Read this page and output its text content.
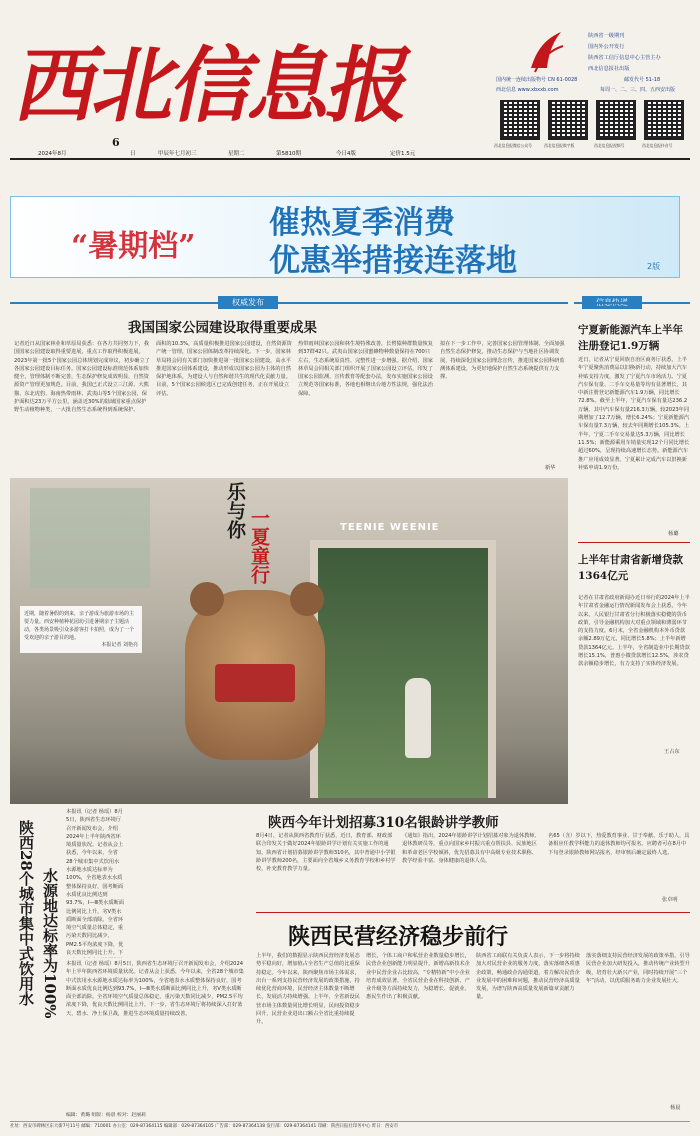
西北信息报
陕西省一级期刊
国内外公开发行
陕西省工信厅信息中心主管主办
西北信息报社出版
国内统一连续出版物号 CN 61-0028	邮发代号 51-18
西北信息 www.xbxxb.com	每周一、二、三、四、五西安出版
西北信息报微信公众号	西北信息报数字版	西北信息报视频号	西北信息报抖音号
6
2024年8月	日	甲辰年七月初三	星期二	第5810期	今日4版	定价1.5元
“暑期档”
催热夏季消费
优惠举措接连落地	2版
权威发布
我国国家公园建设取得重要成果
记者近日从国家林业和草原局获悉：在各方共同努力下，我国国家公园建设取得重要进展，重点工作取得积极进展。2023年第一批5个国家公园总体规划完成审议，初步确立了各国家公园建设目标任务。国家公园建设标准规范体系加快健全，管理体制不断完善，生态保护修复成效明显，自然资源资产管理更加规范。目前，我国已正式设立三江源、大熊猫、东北虎豹、海南热带雨林、武夷山等5个国家公园，保护面积达23万平方公里，涵盖近30%的陆域国家重点保护野生动植物种类，一大批自然生态系统得到系统保护。
面积的10.3%，高质量积极推进国家公园建设，自然资源资产统一管理，国家公园体制改革持续深化。下一步，国家林草局将会同有关部门加快推进第一批国家公园建设，高水平推进国家公园体系建设，推动形成以国家公园为主体的自然保护地体系，为建设人与自然和谐共生的现代化贡献力量。目前，5个国家公园候选区已完成创建任务，正在开展设立评估。
热带雨林国家公园和林生境特殊改善，长臂猿种群数量恢复到37群42只。武夷山国家公园蜜蜂物种数量保持在700只左右，生态系统原真性、完整性进一步增强。据介绍，国家林草局会同相关部门组织开展了国家公园设立评估，印发了国家公园监测、宣传教育等配套办法，发布实施国家公园设立规范等国家标准，各地也相继出台地方性法规，强化法治保障。
拟在下一步工作中，完善国家公园管理体制，全面加强自然生态保护修复，推动生态保护与当地社区协调发展，持续深化国家公园理念宣传，推进国家公园科研监测体系建设，为更好地保护自然生态系统提供有力支撑。
新华
TEENIE WEENIE
乐与你 一夏童行
近期，随着暑假的到来，亲子游成为旅游市场的主要力量。西安种植种花园坊引进暑期亲子主题活动，各类场景吸引众多游客打卡拍照，成为了一个受欢迎的亲子游目的地。
本报记者 刘艳亮
宁夏新能源汽车上半年注册登记1.9万辆
近日，记者从宁夏回族自治区商务厅获悉，上半年宁夏聚焦消费品以旧换新行动，持续加大汽车补贴支持力度，激发了宁夏汽车市场活力。宁夏汽车保有量、二手车交易量等均有显著增长，其中新注册登记新能源汽车1.9万辆，同比增长72.8%。截至上半年，宁夏汽车保有量达236.2万辆，其中汽车保有量216.3万辆，较2023年同期增加了12.7万辆，增长6.24%；宁夏新能源汽车保有量7.3万辆，较去年同期增长105.3%。上半年，宁夏二手车交易量达5.3万辆，同比增长11.5%；新能源乘用车销量实现12个月同比增长超过60%，呈现持续高速增长态势。新能源汽车推广应用成效显著。宁夏累计完成汽车以旧换新补贴申请1.9万份。
杨璐
上半年甘肃省新增贷款1364亿元
记者在甘肃省政府新闻办近日举行的2024年上半年甘肃省金融运行情况新闻发布会上获悉，今年以来，人民银行甘肃省分行积极落实稳健的货币政策，引导金融机构加大对重点领域和薄弱环节的支持力度。6月末，全省金融机构本外币贷款余额2.89万亿元，同比增长5.8%；上半年新增贷款1364亿元。上半年，全省制造业中长期贷款增长15.1%，普惠小微贷款增长12.5%，涉农贷款余额稳步增长，有力支持了实体经济发展。
王占东
本报讯（记者 杨瑶）8月5日，陕西省生态环境厅召开新闻发布会，介绍2024年上半年陕西省环境质量状况。记者从会上获悉，今年以来，全省28个城市集中式饮用水水源地水质达标率为100%，全省地表水水质整体保持良好，国考断面水质优良比例达到93.7%，Ⅰ—Ⅲ类水质断面比例同比上升，劣Ⅴ类水质断面全部消除。全省环境空气质量总体稳定，重污染天数同比减少，PM2.5平均浓度下降，优良天数比例同比上升。下
水源地达标率为100%
陕西28个城市集中式饮用水	本报讯（记者 杨瑶）8月5日，陕西省生态环境厅召开新闻发布会，介绍2024年上半年陕西省环境质量状况。记者从会上获悉，今年以来，全省28个城市集中式饮用水水源地水质达标率为100%，全省地表水水质整体保持良好，国考断面水质优良比例达到93.7%，Ⅰ—Ⅲ类水质断面比例同比上升，劣Ⅴ类水质断面全部消除。全省环境空气质量总体稳定，重污染天数同比减少，PM2.5平均浓度下降，优良天数比例同比上升。下一步，省生态环境厅将持续深入打好蓝天、碧水、净土保卫战，推进生态环境质量持续改善。
编辑：黄璐 组版：杨晨 校对：赵丽莉
陕西今年计划招募310名银龄讲学教师
8月4日，记者从陕西省教育厅获悉，近日，教育部、财政部联合印发关于做好2024年银龄讲学计划有关实施工作的通知，陕西省计划招募银龄讲学教师310名，其中普通中小学银龄讲学教师200名，主要面向全省城乡义务教育学校和乡村学校，补充教育教学力量。
《通知》指出，2024年银龄讲学计划招募对象为退休教师、退休教研员等，重点向国家乡村振兴重点帮扶县、民族地区和革命老区学校倾斜，优先招募具有中高级专业技术职称、教学经验丰富、身体健康的退休人员。
名65（含）岁以下，热爱教育事业、甘于奉献、乐于助人，具备相应任教学科能力的退休教师均可报名。应聘者可在8月中下旬登录银龄教师网站报名，经审核后确定最终人选。
张卓明
陕西民营经济稳步前行
上半年，我们的数据显示陕西民营经济发展态势平稳向好，增加值占全省生产总值的比重保持稳定。今年以来，陕西聚焦市场主体需求，出台一系列支持民营经济发展的政策措施，持续优化营商环境，民营经济主体数量不断增长，发展活力持续增强。上半年，全省新设民营市场主体数量同比增长明显，民间投资稳步回升，民营企业进出口额占全省比重持续提升。
增长，个体工商户和私营企业数量稳步增长，民营企业创新能力明显提升，新增高新技术企业中民营企业占比较高，“专精特新”中小企业培育成效显著。全省民营企业在科技创新、产业升级等方面持续发力，为稳增长、促就业、惠民生作出了积极贡献。
陕西省工商联有关负责人表示，下一步将持续加大对民营企业的服务力度，落实落细各项惠企政策，畅通政企沟通渠道，着力解决民营企业发展中的困难和问题，推动民营经济高质量发展，为谱写陕西高质量发展新篇章贡献力量。
落实落细支持民营经济发展的政策举措，引导民营企业加大研发投入，推动传统产业转型升级，培育壮大新兴产业，同时持续开展“三个年”活动，以优质服务助力企业发展壮大。
杨晨
社址：西安市碑林区东大街7号11号 邮编：710001 办公室：029-87364115 编辑部：029-87364105 广告部：029-87364138 发行部：029-87364141 印刷：陕西日报社印务中心 昨日：西安市
